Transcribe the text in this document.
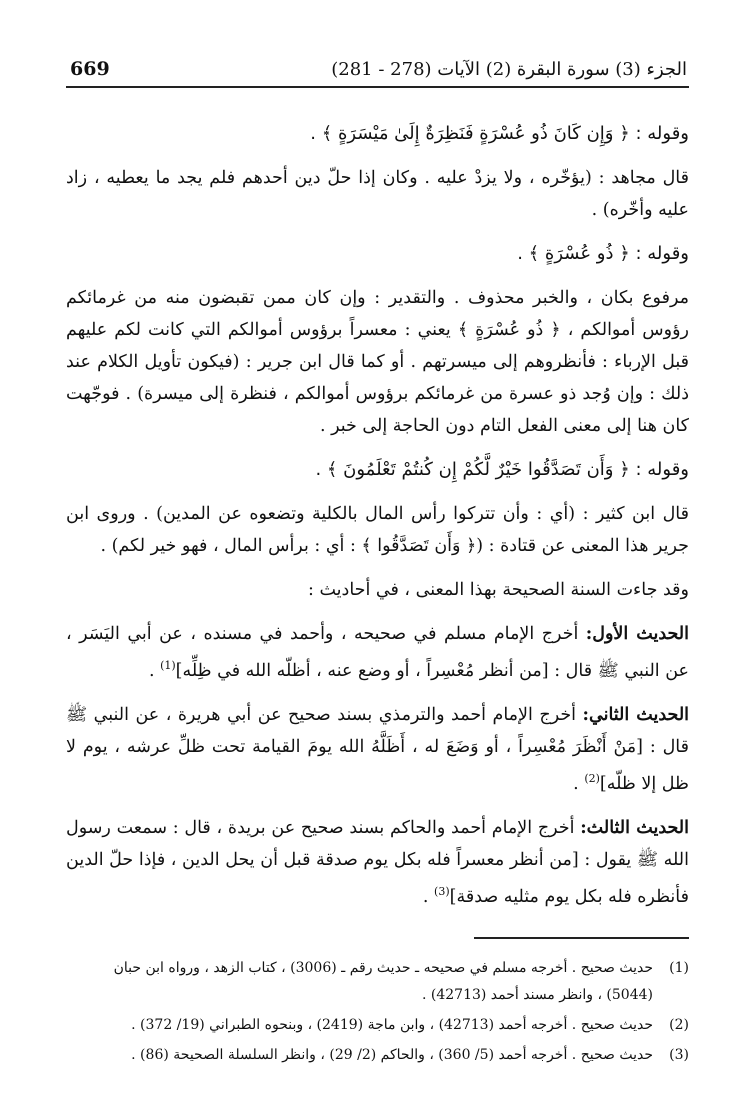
669	الجزء (3) سورة البقرة (2) الآيات (278 - 281)

وقوله : ﴿ وَإِن كَانَ ذُو عُسْرَةٍ فَنَظِرَةٌ إِلَىٰ مَيْسَرَةٍ ﴾ .

قال مجاهد : (يؤخّره ، ولا يزدْ عليه . وكان إذا حلّ دين أحدهم فلم يجد ما يعطيه ، زاد عليه وأخّره) .

وقوله : ﴿ ذُو عُسْرَةٍ ﴾ .

مرفوع بكان ، والخبر محذوف . والتقدير : وإن كان ممن تقبضون منه من غرمائكم رؤوس أموالكم ، ﴿ ذُو عُسْرَةٍ ﴾ يعني : معسراً برؤوس أموالكم التي كانت لكم عليهم قبل الإرباء : فأنظروهم إلى ميسرتهم . أو كما قال ابن جرير : (فيكون تأويل الكلام عند ذلك : وإن وُجد ذو عسرة من غرمائكم برؤوس أموالكم ، فنظرة إلى ميسرة) . فوجّهت كان هنا إلى معنى الفعل التام دون الحاجة إلى خبر .

وقوله : ﴿ وَأَن تَصَدَّقُوا خَيْرٌ لَّكُمْ إِن كُنتُمْ تَعْلَمُونَ ﴾ .

قال ابن كثير : (أي : وأن تتركوا رأس المال بالكلية وتضعوه عن المدين) . وروى ابن جرير هذا المعنى عن قتادة : (﴿ وَأَن تَصَدَّقُوا ﴾ : أي : برأس المال ، فهو خير لكم) .

وقد جاءت السنة الصحيحة بهذا المعنى ، في أحاديث :

الحديث الأول: أخرج الإمام مسلم في صحيحه ، وأحمد في مسنده ، عن أبي اليَسَر ، عن النبي ﷺ قال : [من أنظر مُعْسِراً ، أو وضع عنه ، أظلّه الله في ظِلِّه](1) .

الحديث الثاني: أخرج الإمام أحمد والترمذي بسند صحيح عن أبي هريرة ، عن النبي ﷺ قال : [مَنْ أَنْظَرَ مُعْسِراً ، أو وَضَعَ له ، أَظَلَّهُ الله يومَ القيامة تحت ظلِّ عرشه ، يوم لا ظل إلا ظلّه](2) .

الحديث الثالث: أخرج الإمام أحمد والحاكم بسند صحيح عن بريدة ، قال : سمعت رسول الله ﷺ يقول : [من أنظر معسراً فله بكل يوم صدقة قبل أن يحل الدين ، فإذا حلّ الدين فأنظره فله بكل يوم مثليه صدقة](3) .

(1)
حديث صحيح . أخرجه مسلم في صحيحه ـ حديث رقم ـ (3006) ، كتاب الزهد ، ورواه ابن حبان (5044) ، وانظر مسند أحمد (42713) .
(2)
حديث صحيح . أخرجه أحمد (42713) ، وابن ماجة (2419) ، وبنحوه الطبراني (19/ 372) .
(3)
حديث صحيح . أخرجه أحمد (5/ 360) ، والحاكم (2/ 29) ، وانظر السلسلة الصحيحة (86) .
